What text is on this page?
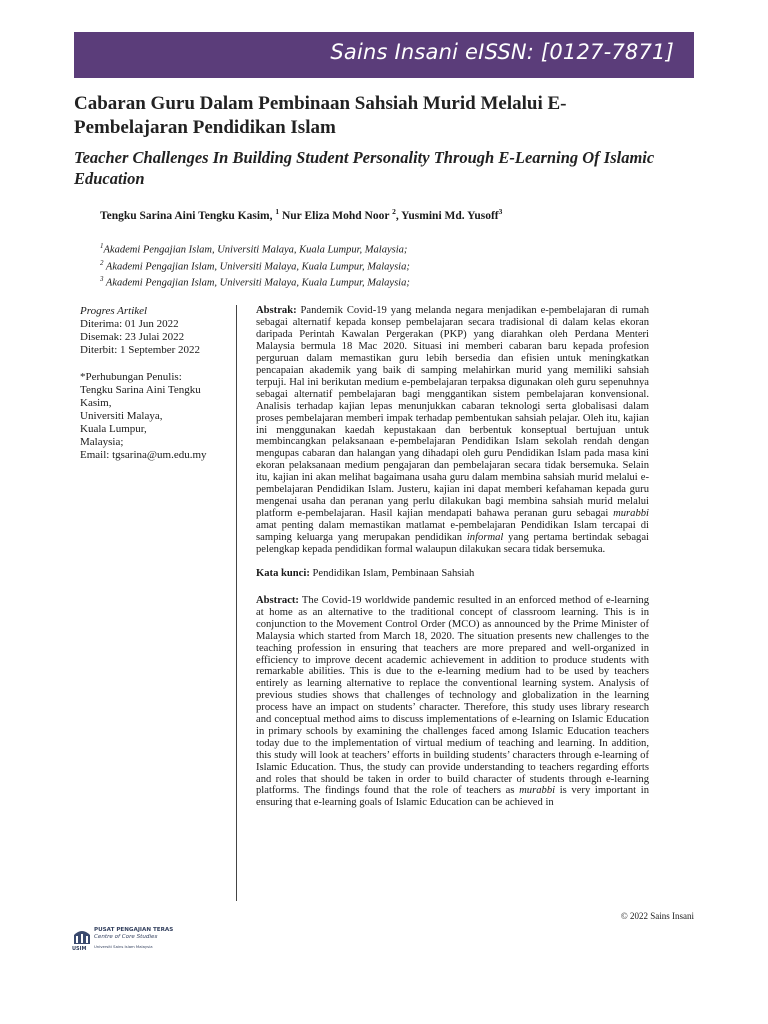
Sains Insani eISSN: [0127-7871]
Cabaran Guru Dalam Pembinaan Sahsiah Murid Melalui E-Pembelajaran Pendidikan Islam
Teacher Challenges In Building Student Personality Through E-Learning Of Islamic Education
Tengku Sarina Aini Tengku Kasim, $^1$ Nur Eliza Mohd Noor $^2$, Yusmini Md. Yusoff$^3$
$^1$Akademi Pengajian Islam, Universiti Malaya, Kuala Lumpur, Malaysia;
$^2$ Akademi Pengajian Islam, Universiti Malaya, Kuala Lumpur, Malaysia;
$^3$ Akademi Pengajian Islam, Universiti Malaya, Kuala Lumpur, Malaysia;
Progres Artikel
Diterima: 01 Jun 2022
Disemak: 23 Julai 2022
Diterbit: 1 September 2022
*Perhubungan Penulis:
Tengku Sarina Aini Tengku Kasim,
Universiti Malaya,
Kuala Lumpur,
Malaysia;
Email: tgsarina@um.edu.my

Abstrak: Pandemik Covid-19 yang melanda negara menjadikan e-pembelajaran di rumah sebagai alternatif kepada konsep pembelajaran secara tradisional di dalam kelas ekoran daripada Perintah Kawalan Pergerakan (PKP) yang diarahkan oleh Perdana Menteri Malaysia bermula 18 Mac 2020. Situasi ini memberi cabaran baru kepada profesion perguruan dalam memastikan guru lebih bersedia dan efisien untuk meningkatkan pencapaian akademik yang baik di samping melahirkan murid yang memiliki sahsiah terpuji. Hal ini berikutan medium e-pembelajaran terpaksa digunakan oleh guru sepenuhnya sebagai alternatif pembelajaran bagi menggantikan sistem pembelajaran konvensional. Analisis terhadap kajian lepas menunjukkan cabaran teknologi serta globalisasi dalam proses pembelajaran memberi impak terhadap pembentukan sahsiah pelajar. Oleh itu, kajian ini menggunakan kaedah kepustakaan dan berbentuk konseptual bertujuan untuk membincangkan pelaksanaan e-pembelajaran Pendidikan Islam sekolah rendah dengan mengupas cabaran dan halangan yang dihadapi oleh guru Pendidikan Islam pada masa kini ekoran pelaksanaan medium pengajaran dan pembelajaran secara tidak bersemuka. Selain itu, kajian ini akan melihat bagaimana usaha guru dalam membina sahsiah murid melalui e-pembelajaran Pendidikan Islam. Justeru, kajian ini dapat memberi kefahaman kepada guru mengenai usaha dan peranan yang perlu dilakukan bagi membina sahsiah murid melalui platform e-pembelajaran. Hasil kajian mendapati bahawa peranan guru sebagai murabbi amat penting dalam memastikan matlamat e-pembelajaran Pendidikan Islam tercapai di samping keluarga yang merupakan pendidikan informal yang pertama bertindak sebagai pelengkap kepada pendidikan formal walaupun dilakukan secara tidak bersemuka.

Kata kunci: Pendidikan Islam, Pembinaan Sahsiah

Abstract: The Covid-19 worldwide pandemic resulted in an enforced method of e-learning at home as an alternative to the traditional concept of classroom learning. This is in conjunction to the Movement Control Order (MCO) as announced by the Prime Minister of Malaysia which started from March 18, 2020. The situation presents new challenges to the teaching profession in ensuring that teachers are more prepared and well-organized in efficiency to improve decent academic achievement in addition to produce students with remarkable abilities. This is due to the e-learning medium had to be used by teachers entirely as learning alternative to replace the conventional learning system. Analysis of previous studies shows that challenges of technology and globalization in the learning process have an impact on students’ character. Therefore, this study uses library research and conceptual method aims to discuss implementations of e-learning on Islamic Education in primary schools by examining the challenges faced among Islamic Education teachers today due to the implementation of virtual medium of teaching and learning. In addition, this study will look at teachers’ efforts in building students’ characters through e-learning of Islamic Education. Thus, the study can provide understanding to teachers regarding efforts and roles that should be taken in order to build character of students through e-learning platforms. The findings found that the role of teachers as murabbi is very important in ensuring that e-learning goals of Islamic Education can be achieved in

© 2022 Sains Insani
PUSAT PENGAJIAN TERAS
Centre of Core Studies
Universiti Sains Islam Malaysia
USIM
